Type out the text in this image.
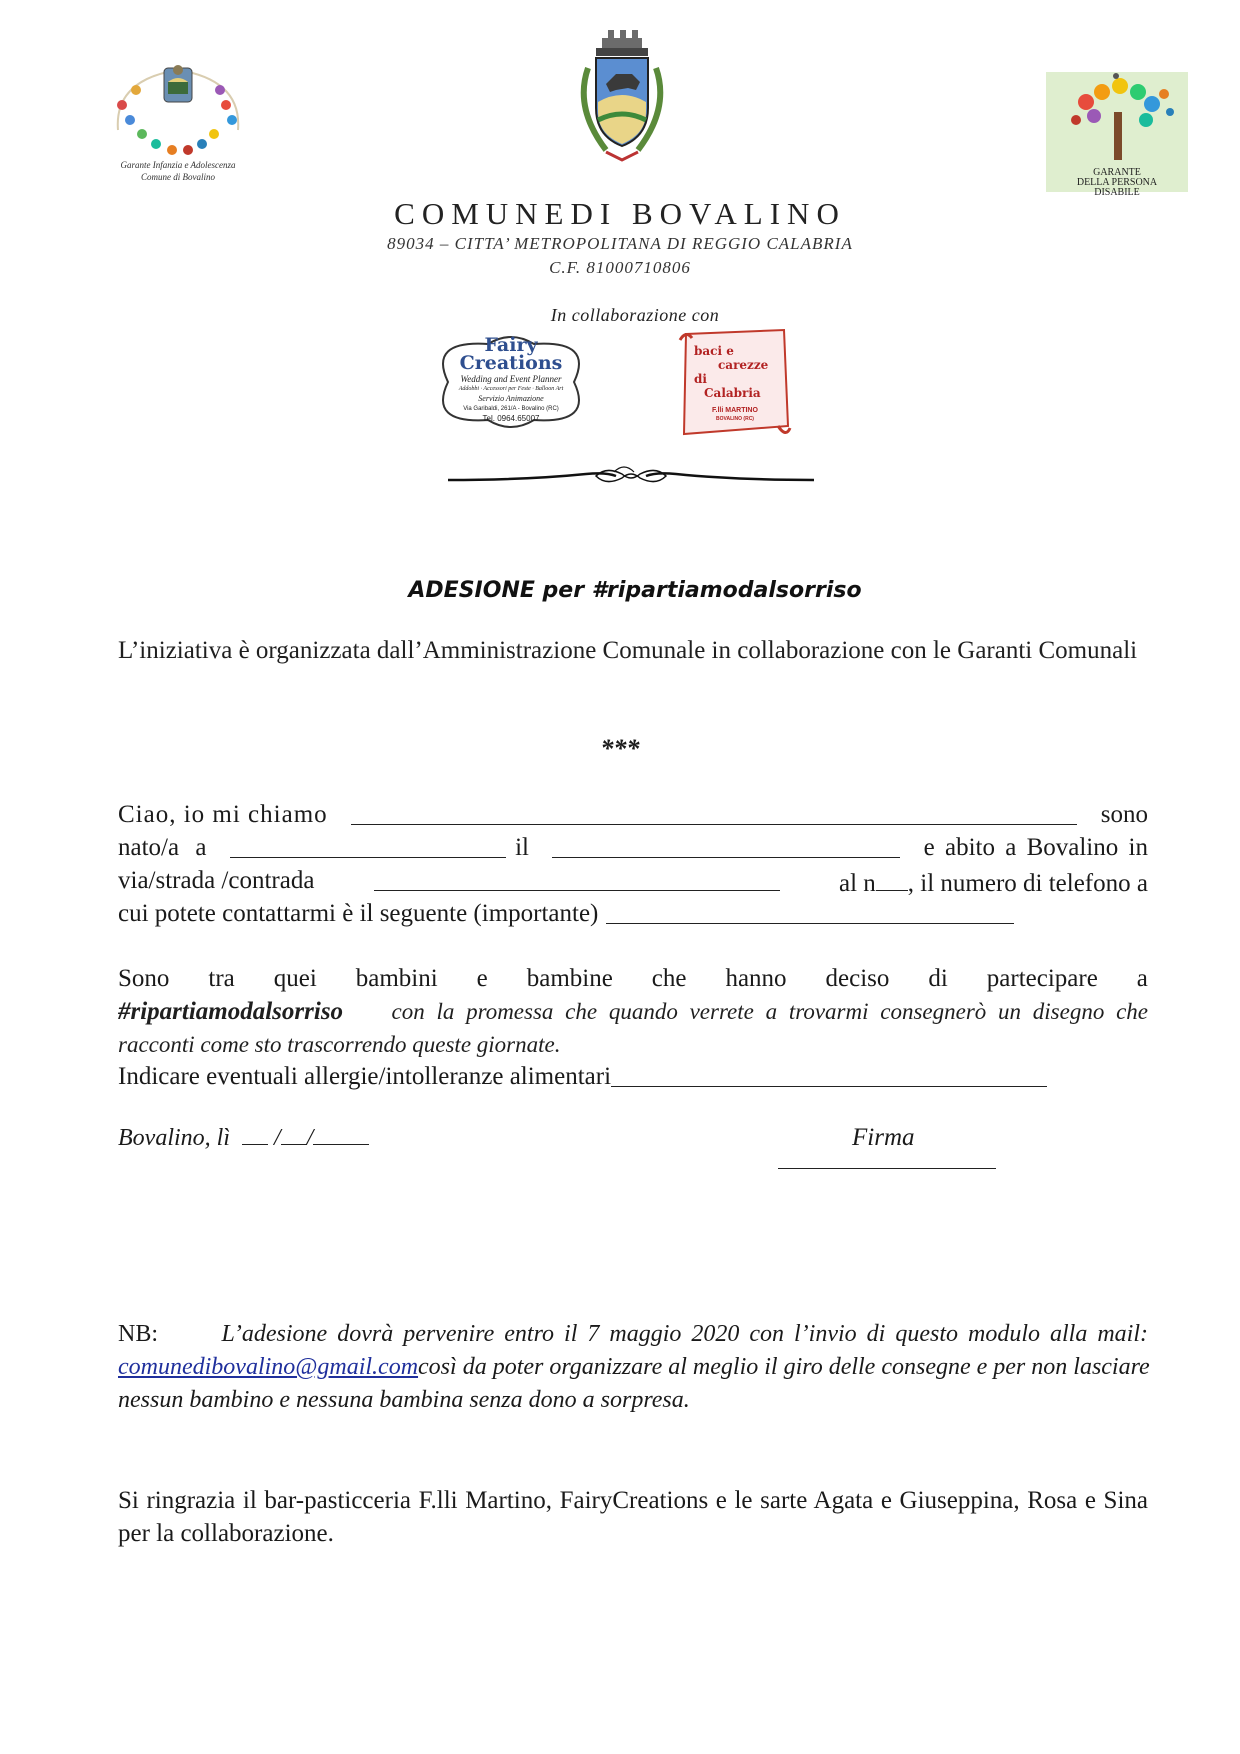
Garante Infanzia e Adolescenza
Comune di Bovalino	GARANTE
DELLA PERSONA
DISABILE
COMUNEDI BOVALINO
89034 – CITTA’ METROPOLITANA DI REGGIO CALABRIA
C.F. 81000710806
In collaborazione con
Fairy
Creations
Wedding and Event Planner
Addobbi · Accessori per Feste · Balloon Art
Servizio Animazione
Via Garibaldi, 261/A - Bovalino (RC)
Tel. 0964.65007
baci e
carezze
di
Calabria
F.lli MARTINO
BOVALINO (RC)
ADESIONE per #ripartiamodalsorriso
L’iniziativa è organizzata dall’Amministrazione Comunale in collaborazione con le Garanti Comunali
***
Ciao, io mi chiamo	sono
nato/a a	il	e abito a Bovalino in
via/strada /contrada	al n , il numero di telefono a
cui potete contattarmi è il seguente (importante)
Sono tra quei bambini e bambine che hanno deciso di partecipare a
#ripartiamodalsorriso con la promessa che quando verrete a trovarmi consegnerò un disegno che
racconti come sto trascorrendo queste giornate.
Indicare eventuali allergie/intolleranze alimentari
Bovalino, lì / /	Firma
NB:	L’adesione dovrà pervenire entro il 7 maggio 2020 con l’invio di questo modulo alla mail:
comunedibovalino@gmail.com così da poter organizzare al meglio il giro delle consegne e per non lasciare
nessun bambino e nessuna bambina senza dono a sorpresa.
Si ringrazia il bar-pasticceria F.lli Martino, FairyCreations e le sarte Agata e Giuseppina, Rosa e Sina per la collaborazione.
